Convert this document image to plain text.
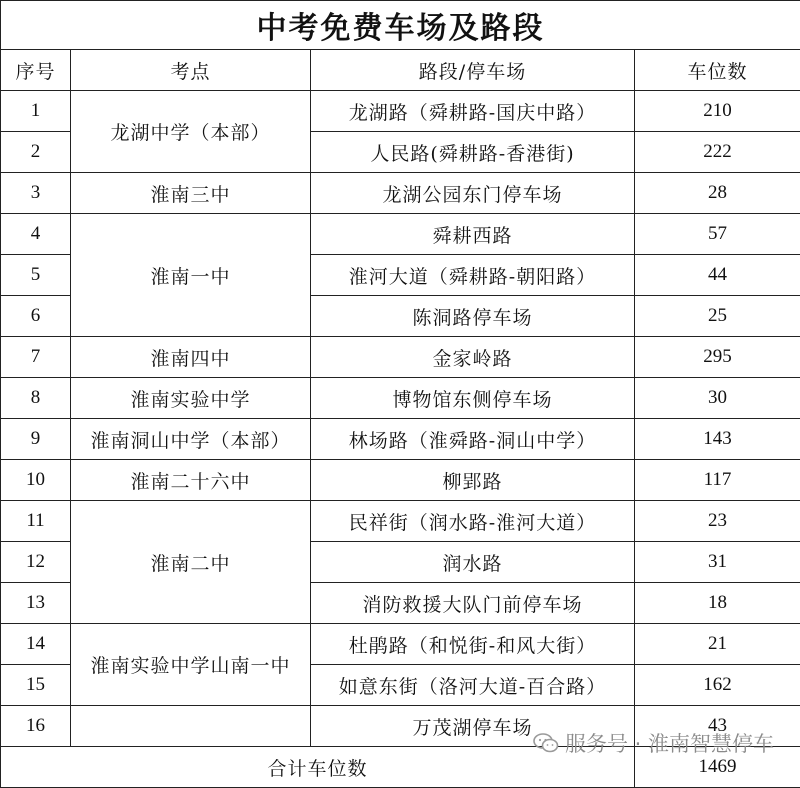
中考免费车场及路段			
序号	考点	路段/停车场	车位数
1	龙湖中学（本部）	龙湖路（舜耕路-国庆中路）	210
2		人民路(舜耕路-香港街)	222
3	淮南三中	龙湖公园东门停车场	28
4	淮南一中	舜耕西路	57
5		淮河大道（舜耕路-朝阳路）	44
6		陈洞路停车场	25
7	淮南四中	金家岭路	295
8	淮南实验中学	博物馆东侧停车场	30
9	淮南洞山中学（本部）	林场路（淮舜路-洞山中学）	143
10	淮南二十六中	柳郢路	117
11	淮南二中	民祥街（润水路-淮河大道）	23
12		润水路	31
13		消防救援大队门前停车场	18
14	淮南实验中学山南一中	杜鹃路（和悦街-和风大街）	21
15		如意东街（洛河大道-百合路）	162
16		万茂湖停车场	43
合计车位数			1469
服务号 · 淮南智慧停车
